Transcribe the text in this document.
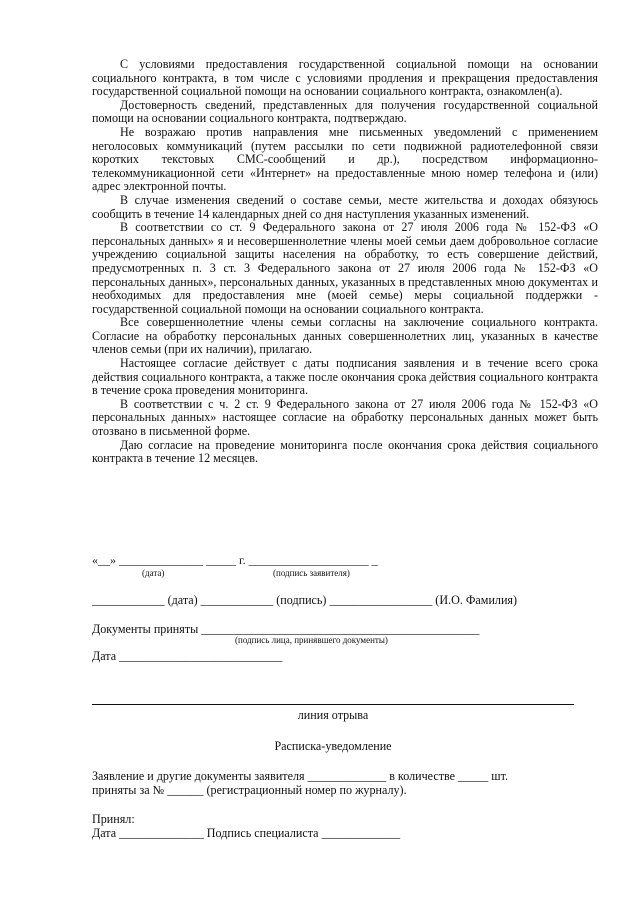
С условиями предоставления государственной социальной помощи на основании социального контракта, в том числе с условиями продления и прекращения предоставления государственной социальной помощи на основании социального контракта, ознакомлен(а).

Достоверность сведений, представленных для получения государственной социальной помощи на основании социального контракта, подтверждаю.

Не возражаю против направления мне письменных уведомлений с применением неголосовых коммуникаций (путем рассылки по сети подвижной радиотелефонной связи коротких текстовых СМС-сообщений и др.), посредством информационно-телекоммуникационной сети «Интернет» на предоставленные мною номер телефона и (или) адрес электронной почты.

В случае изменения сведений о составе семьи, месте жительства и доходах обязуюсь сообщить в течение 14 календарных дней со дня наступления указанных изменений.

В соответствии со ст. 9 Федерального закона от 27 июля 2006 года № 152-ФЗ «О персональных данных» я и несовершеннолетние члены моей семьи даем добровольное согласие учреждению социальной защиты населения на обработку, то есть совершение действий, предусмотренных п. 3 ст. 3 Федерального закона от 27 июля 2006 года № 152-ФЗ «О персональных данных», персональных данных, указанных в представленных мною документах и необходимых для предоставления мне (моей семье) меры социальной поддержки - государственной социальной помощи на основании социального контракта.

Все совершеннолетние члены семьи согласны на заключение социального контракта. Согласие на обработку персональных данных совершеннолетних лиц, указанных в качестве членов семьи (при их наличии), прилагаю.

Настоящее согласие действует с даты подписания заявления и в течение всего срока действия социального контракта, а также после окончания срока действия социального контракта в течение срока проведения мониторинга.

В соответствии с ч. 2 ст. 9 Федерального закона от 27 июля 2006 года № 152-ФЗ «О персональных данных» настоящее согласие на обработку персональных данных может быть отозвано в письменной форме.

Даю согласие на проведение мониторинга после окончания срока действия социального контракта в течение 12 месяцев.

«__» ______________ _____ г. ____________________ _
(дата)	(подпись заявителя)
____________ (дата) ____________ (подпись) _________________ (И.О. Фамилия)
Документы приняты ______________________________________________
(подпись лица, принявшего документы)
Дата ___________________________
линия отрыва
Расписка-уведомление
Заявление и другие документы заявителя _____________ в количестве _____ шт.
приняты за № ______ (регистрационный номер по журналу).
Принял:
Дата ______________ Подпись специалиста _____________
